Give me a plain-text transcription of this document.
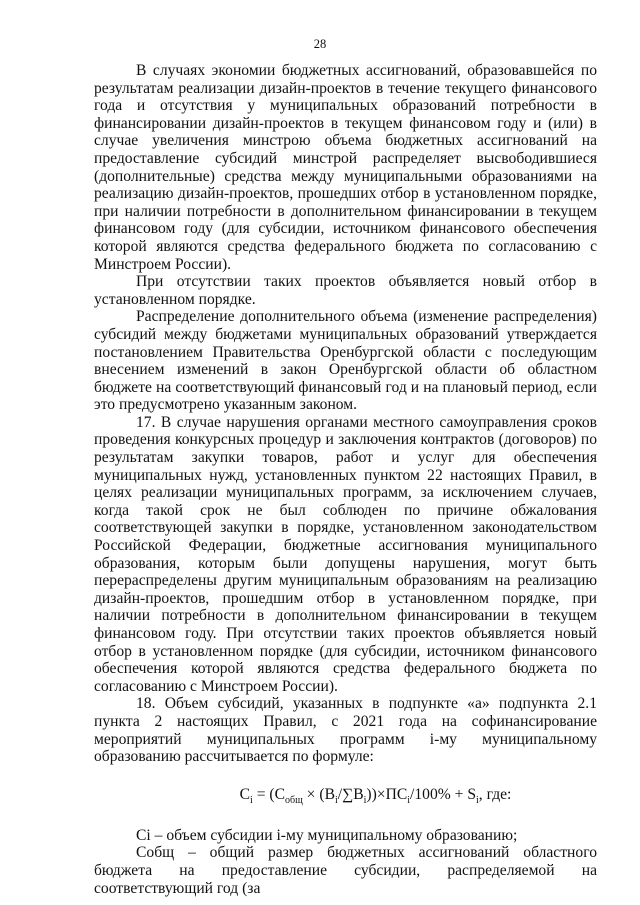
28

В случаях экономии бюджетных ассигнований, образовавшейся по результатам реализации дизайн-проектов в течение текущего финансового года и отсутствия у муниципальных образований потребности в финансировании дизайн-проектов в текущем финансовом году и (или) в случае увеличения минстрою объема бюджетных ассигнований на предоставление субсидий минстрой распределяет высвободившиеся (дополнительные) средства между муниципальными образованиями на реализацию дизайн-проектов, прошедших отбор в установленном порядке, при наличии потребности в дополнительном финансировании в текущем финансовом году (для субсидии, источником финансового обеспечения которой являются средства федерального бюджета по согласованию с Минстроем России).

При отсутствии таких проектов объявляется новый отбор в установленном порядке.

Распределение дополнительного объема (изменение распределения) субсидий между бюджетами муниципальных образований утверждается постановлением Правительства Оренбургской области с последующим внесением изменений в закон Оренбургской области об областном бюджете на соответствующий финансовый год и на плановый период, если это предусмотрено указанным законом.

17. В случае нарушения органами местного самоуправления сроков проведения конкурсных процедур и заключения контрактов (договоров) по результатам закупки товаров, работ и услуг для обеспечения муниципальных нужд, установленных пунктом 22 настоящих Правил, в целях реализации муниципальных программ, за исключением случаев, когда такой срок не был соблюден по причине обжалования соответствующей закупки в порядке, установленном законодательством Российской Федерации, бюджетные ассигнования муниципального образования, которым были допущены нарушения, могут быть перераспределены другим муниципальным образованиям на реализацию дизайн-проектов, прошедшим отбор в установленном порядке, при наличии потребности в дополнительном финансировании в текущем финансовом году. При отсутствии таких проектов объявляется новый отбор в установленном порядке (для субсидии, источником финансового обеспечения которой являются средства федерального бюджета по согласованию с Минстроем России).

18. Объем субсидий, указанных в подпункте «а» подпункта 2.1 пункта 2 настоящих Правил, с 2021 года на софинансирование мероприятий муниципальных программ i-му муниципальному образованию рассчитывается по формуле:

$C_i = (C_{общ} \times (B_i/\sum B_i))\times ПС_i/100\% + S_i$, где:

Ci – объем субсидии i-му муниципальному образованию;

Cобщ – общий размер бюджетных ассигнований областного бюджета на предоставление субсидии, распределяемой на соответствующий год (за
